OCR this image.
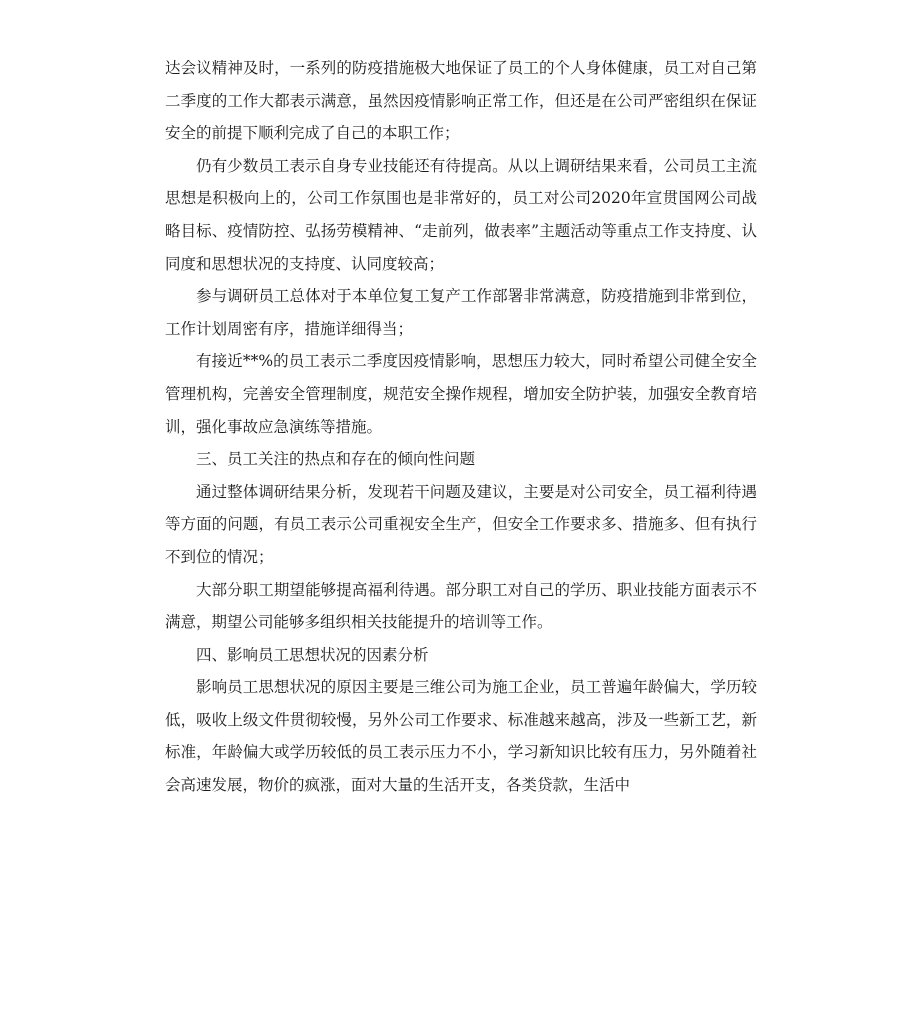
达会议精神及时，一系列的防疫措施极大地保证了员工的个人身体健康，员工对自己第二季度的工作大都表示满意，虽然因疫情影响正常工作，但还是在公司严密组织在保证安全的前提下顺利完成了自己的本职工作；

仍有少数员工表示自身专业技能还有待提高。从以上调研结果来看，公司员工主流思想是积极向上的，公司工作氛围也是非常好的，员工对公司2020年宣贯国网公司战略目标、疫情防控、弘扬劳模精神、“走前列，做表率”主题活动等重点工作支持度、认同度和思想状况的支持度、认同度较高；

参与调研员工总体对于本单位复工复产工作部署非常满意，防疫措施到非常到位，工作计划周密有序，措施详细得当；

有接近**%的员工表示二季度因疫情影响，思想压力较大，同时希望公司健全安全管理机构，完善安全管理制度，规范安全操作规程，增加安全防护装，加强安全教育培训，强化事故应急演练等措施。

三、员工关注的热点和存在的倾向性问题

通过整体调研结果分析，发现若干问题及建议，主要是对公司安全，员工福利待遇等方面的问题，有员工表示公司重视安全生产，但安全工作要求多、措施多、但有执行不到位的情况；

大部分职工期望能够提高福利待遇。部分职工对自己的学历、职业技能方面表示不满意，期望公司能够多组织相关技能提升的培训等工作。

四、影响员工思想状况的因素分析

影响员工思想状况的原因主要是三维公司为施工企业，员工普遍年龄偏大，学历较低，吸收上级文件贯彻较慢，另外公司工作要求、标准越来越高，涉及一些新工艺，新标准，年龄偏大或学历较低的员工表示压力不小，学习新知识比较有压力，另外随着社会高速发展，物价的疯涨，面对大量的生活开支，各类贷款，生活中
